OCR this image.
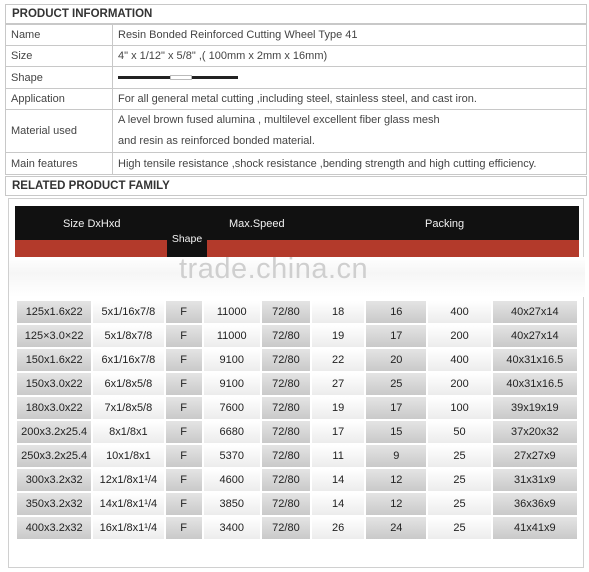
PRODUCT INFORMATION
Name	Resin Bonded Reinforced Cutting Wheel Type 41
Size	4" x 1/12" x 5/8" ,( 100mm x 2mm x 16mm)
Shape	

Application	For all general metal cutting ,including steel, stainless steel, and cast iron.
Material used	A level brown fused alumina , multilevel excellent fiber glass mesh
and resin as reinforced bonded material.

Main features	High tensile resistance ,shock resistance ,bending strength and high cutting efficiency.
RELATED PRODUCT FAMILY
Size DxHxd	Max.Speed	Packing
Shape
trade.china.cn
125x1.6x22	5x1/16x7/8	F	11000	72/80	18	16	400	40x27x14
125×3.0×22	5x1/8x7/8	F	11000	72/80	19	17	200	40x27x14
150x1.6x22	6x1/16x7/8	F	9100	72/80	22	20	400	40x31x16.5
150x3.0x22	6x1/8x5/8	F	9100	72/80	27	25	200	40x31x16.5
180x3.0x22	7x1/8x5/8	F	7600	72/80	19	17	100	39x19x19
200x3.2x25.4	8x1/8x1	F	6680	72/80	17	15	50	37x20x32
250x3.2x25.4	10x1/8x1	F	5370	72/80	11	9	25	27x27x9
300x3.2x32	12x1/8x1¹/4	F	4600	72/80	14	12	25	31x31x9
350x3.2x32	14x1/8x1¹/4	F	3850	72/80	14	12	25	36x36x9
400x3.2x32	16x1/8x1¹/4	F	3400	72/80	26	24	25	41x41x9
